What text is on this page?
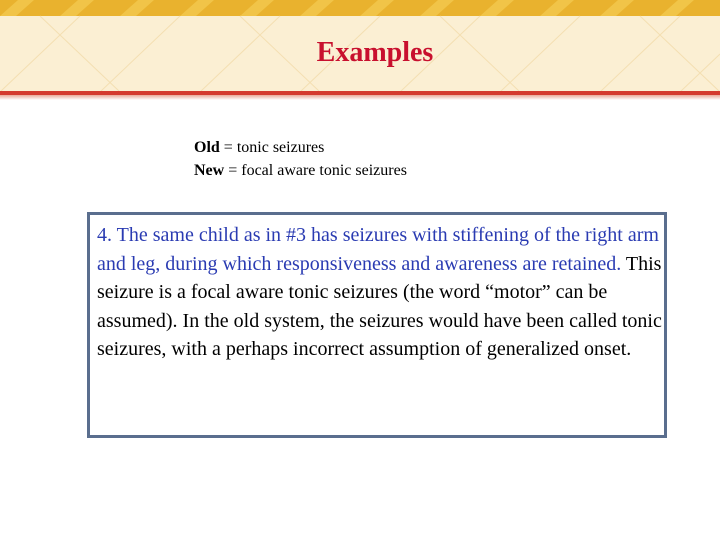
Examples
Old = tonic seizures
New = focal aware tonic seizures
4. The same child as in #3 has seizures with stiffening of the right arm and leg, during which responsiveness and awareness are retained. This seizure is a focal aware tonic seizures (the word “motor” can be assumed). In the old system, the seizures would have been called tonic seizures, with a perhaps incorrect assumption of generalized onset.
